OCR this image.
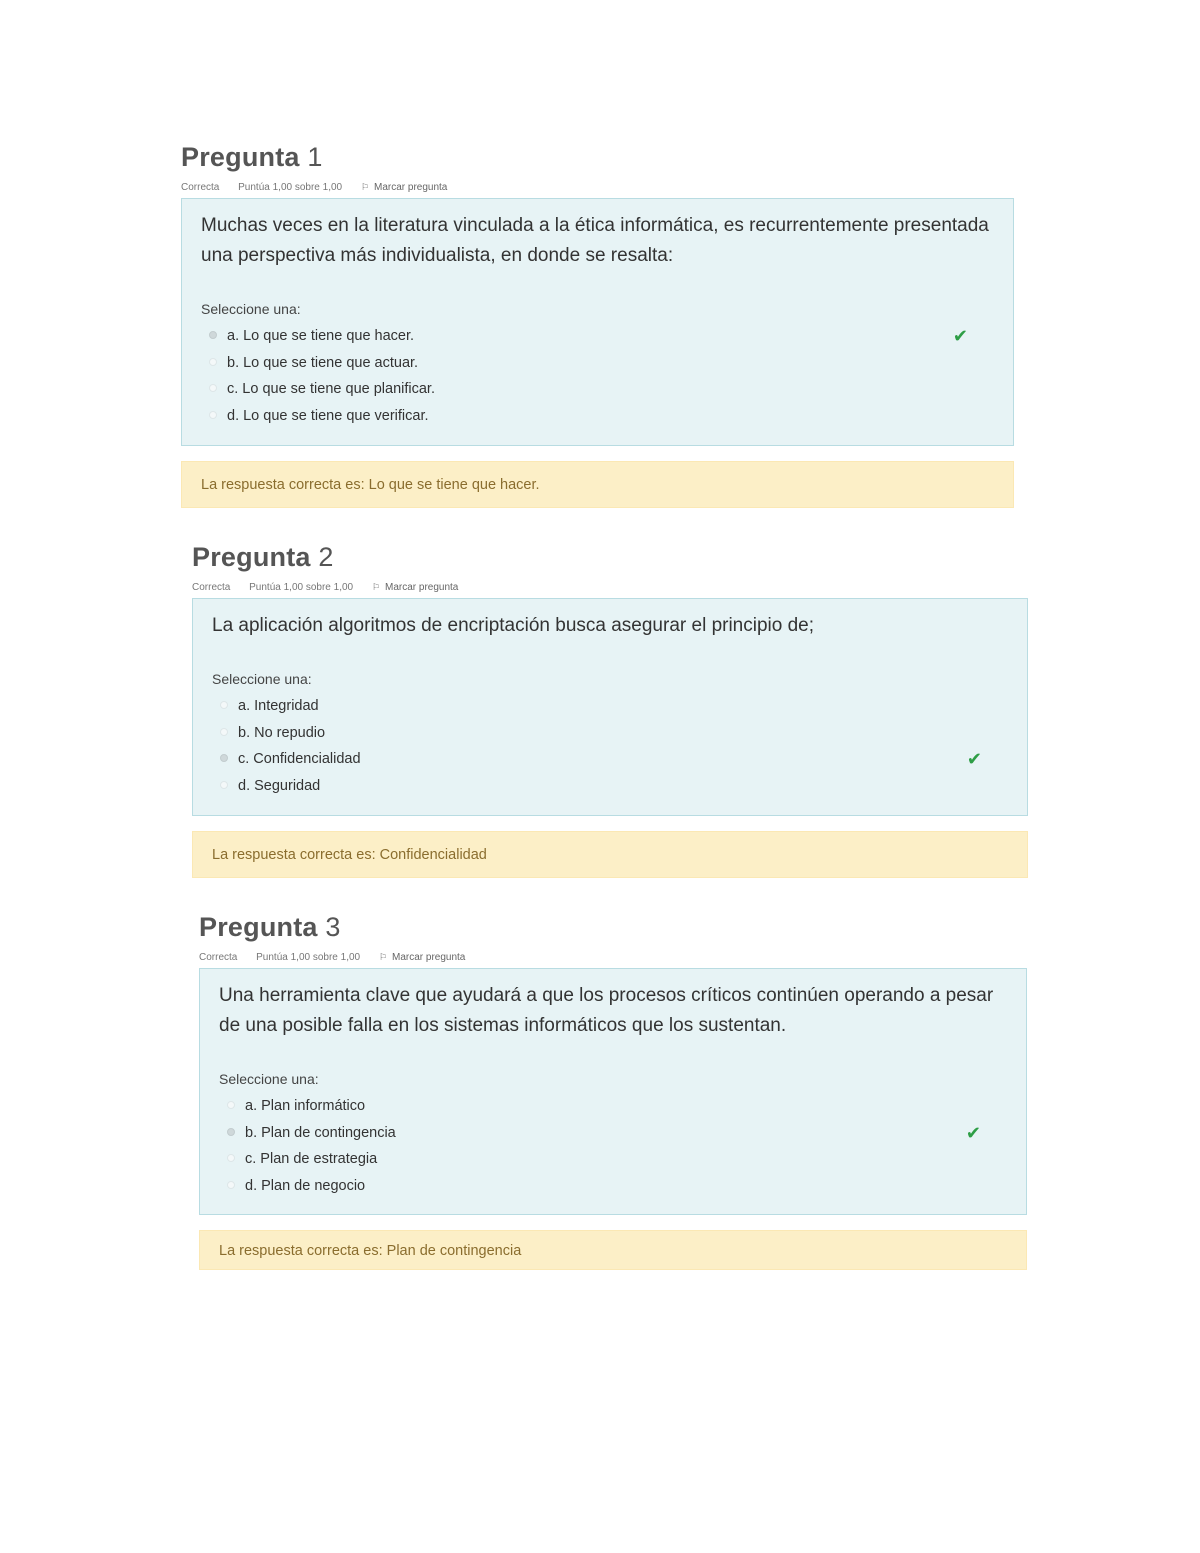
Pregunta 1
Correcta Puntúa 1,00 sobre 1,00 ⚐ Marcar pregunta

Muchas veces en la literatura vinculada a la ética informática, es recurrentemente presentada una perspectiva más individualista, en donde se resalta:

Seleccione una:
a. Lo que se tiene que hacer.	✔
b. Lo que se tiene que actuar.
c. Lo que se tiene que planificar.
d. Lo que se tiene que verificar.
La respuesta correcta es: Lo que se tiene que hacer.
Pregunta 2
Correcta Puntúa 1,00 sobre 1,00 ⚐ Marcar pregunta

La aplicación algoritmos de encriptación busca asegurar el principio de;

Seleccione una:
a. Integridad
b. No repudio
c. Confidencialidad	✔
d. Seguridad
La respuesta correcta es: Confidencialidad
Pregunta 3
Correcta Puntúa 1,00 sobre 1,00 ⚐ Marcar pregunta

Una herramienta clave que ayudará a que los procesos críticos continúen operando a pesar de una posible falla en los sistemas informáticos que los sustentan.

Seleccione una:
a. Plan informático
b. Plan de contingencia	✔
c. Plan de estrategia
d. Plan de negocio
La respuesta correcta es: Plan de contingencia
